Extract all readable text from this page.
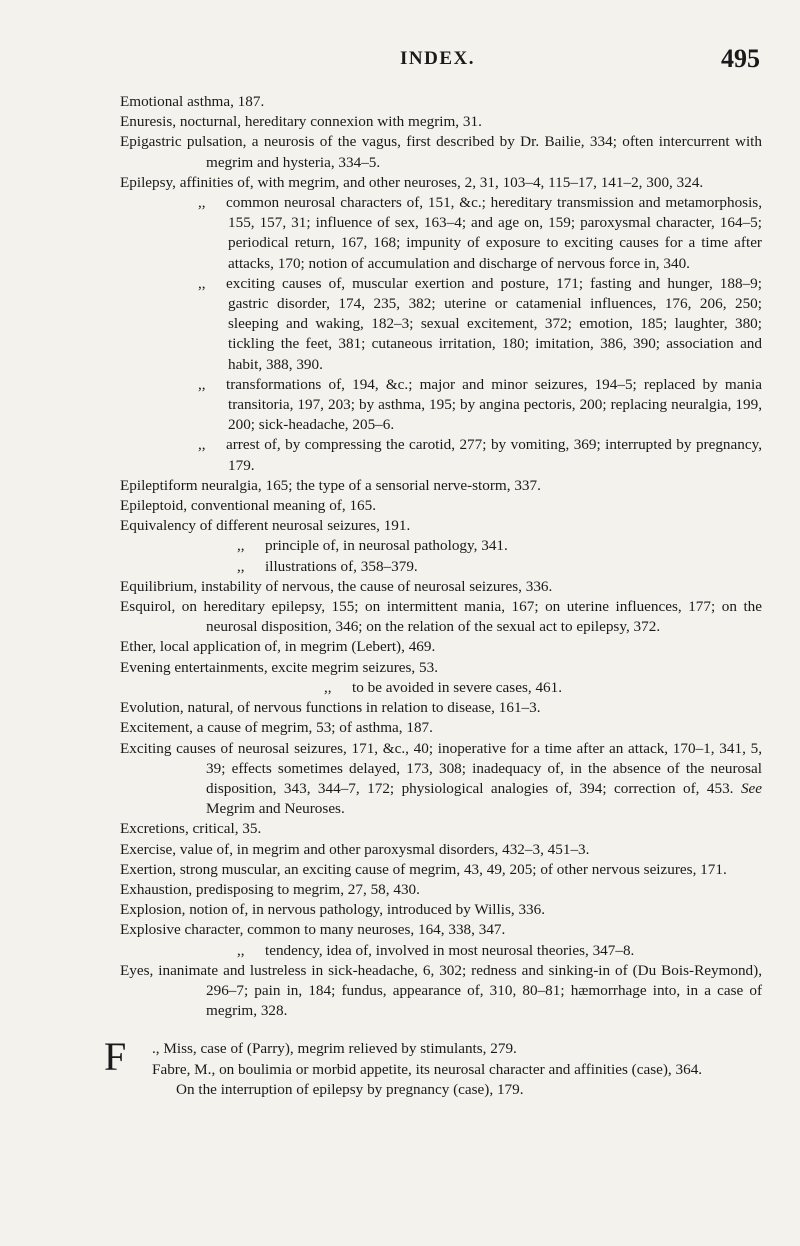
INDEX.	495

Emotional asthma, 187.

Enuresis, nocturnal, hereditary connexion with megrim, 31.

Epigastric pulsation, a neurosis of the vagus, first described by Dr. Bailie, 334; often intercurrent with megrim and hysteria, 334–5.

Epilepsy, affinities of, with megrim, and other neuroses, 2, 31, 103–4, 115–17, 141–2, 300, 324.

,, common neurosal characters of, 151, &c.; hereditary transmission and metamorphosis, 155, 157, 31; influence of sex, 163–4; and age on, 159; paroxysmal character, 164–5; periodical return, 167, 168; impunity of exposure to exciting causes for a time after attacks, 170; notion of accumulation and discharge of nervous force in, 340.

,, exciting causes of, muscular exertion and posture, 171; fasting and hunger, 188–9; gastric disorder, 174, 235, 382; uterine or catamenial influences, 176, 206, 250; sleeping and waking, 182–3; sexual excitement, 372; emotion, 185; laughter, 380; tickling the feet, 381; cutaneous irritation, 180; imitation, 386, 390; association and habit, 388, 390.

,, transformations of, 194, &c.; major and minor seizures, 194–5; replaced by mania transitoria, 197, 203; by asthma, 195; by angina pectoris, 200; replacing neuralgia, 199, 200; sick-headache, 205–6.

,, arrest of, by compressing the carotid, 277; by vomiting, 369; interrupted by pregnancy, 179.

Epileptiform neuralgia, 165; the type of a sensorial nerve-storm, 337.

Epileptoid, conventional meaning of, 165.

Equivalency of different neurosal seizures, 191.

,, principle of, in neurosal pathology, 341.

,, illustrations of, 358–379.

Equilibrium, instability of nervous, the cause of neurosal seizures, 336.

Esquirol, on hereditary epilepsy, 155; on intermittent mania, 167; on uterine influences, 177; on the neurosal disposition, 346; on the relation of the sexual act to epilepsy, 372.

Ether, local application of, in megrim (Lebert), 469.

Evening entertainments, excite megrim seizures, 53.

,, to be avoided in severe cases, 461.

Evolution, natural, of nervous functions in relation to disease, 161–3.

Excitement, a cause of megrim, 53; of asthma, 187.

Exciting causes of neurosal seizures, 171, &c., 40; inoperative for a time after an attack, 170–1, 341, 5, 39; effects sometimes delayed, 173, 308; inadequacy of, in the absence of the neurosal disposition, 343, 344–7, 172; physiological analogies of, 394; correction of, 453. See Megrim and Neuroses.

Excretions, critical, 35.

Exercise, value of, in megrim and other paroxysmal disorders, 432–3, 451–3.

Exertion, strong muscular, an exciting cause of megrim, 43, 49, 205; of other nervous seizures, 171.

Exhaustion, predisposing to megrim, 27, 58, 430.

Explosion, notion of, in nervous pathology, introduced by Willis, 336.

Explosive character, common to many neuroses, 164, 338, 347.

,, tendency, idea of, involved in most neurosal theories, 347–8.

Eyes, inanimate and lustreless in sick-headache, 6, 302; redness and sinking-in of (Du Bois-Reymond), 296–7; pain in, 184; fundus, appearance of, 310, 80–81; hæmorrhage into, in a case of megrim, 328.

F	., Miss, case of (Parry), megrim relieved by stimulants, 279.

Fabre, M., on boulimia or morbid appetite, its neurosal character and affinities (case), 364.

On the interruption of epilepsy by pregnancy (case), 179.
